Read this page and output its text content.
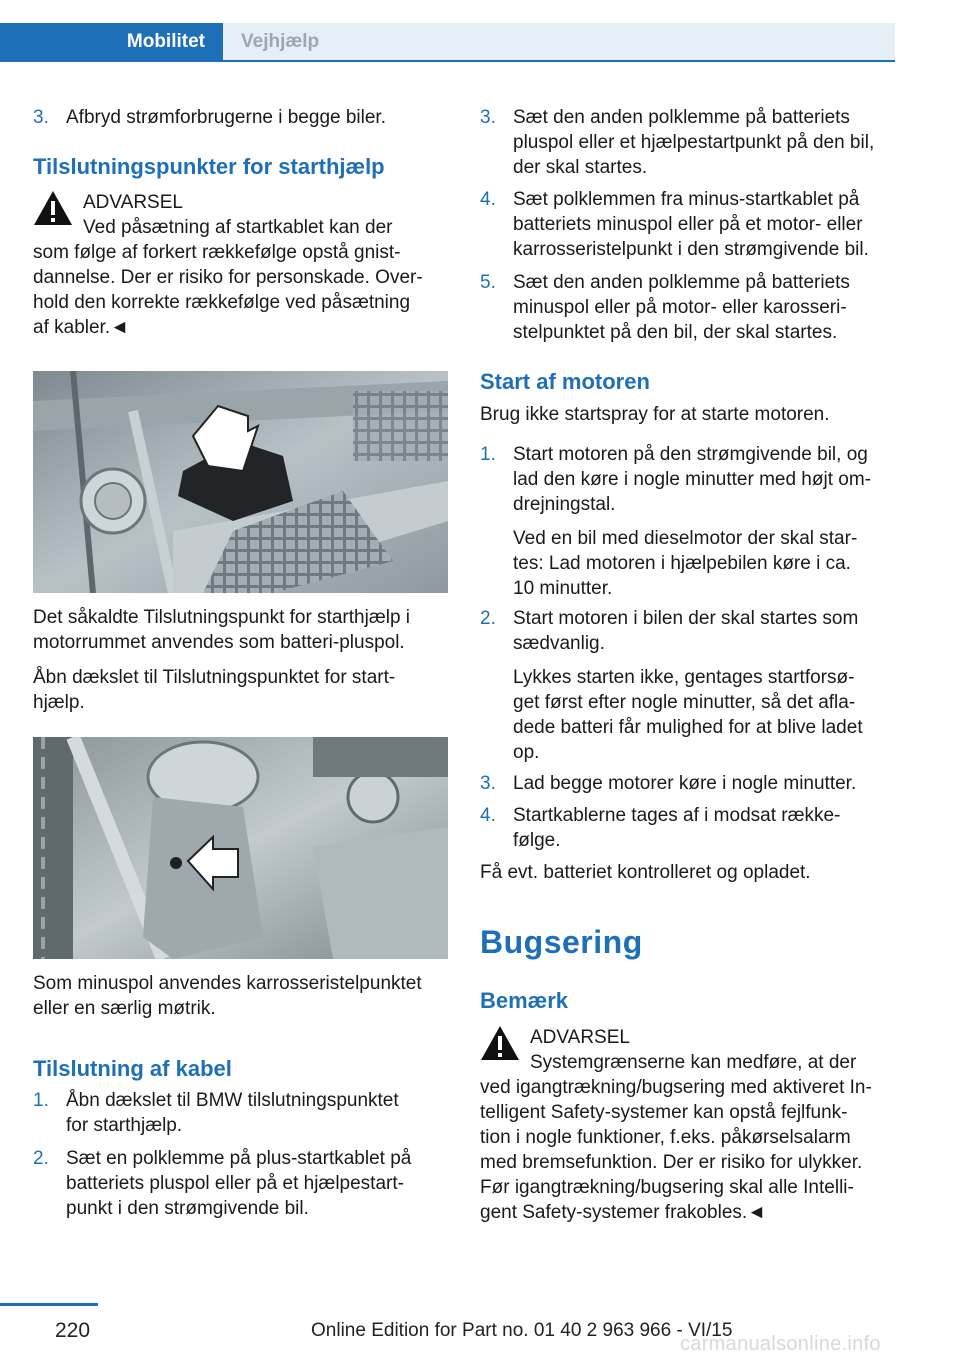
Mobilitet	Vejhjælp
3. Afbryd strømforbrugerne i begge biler.
Tilslutningspunkter for starthjælp
ADVARSEL
Ved påsætning af startkablet kan der
som følge af forkert rækkefølge opstå gnist-
dannelse. Der er risiko for personskade. Over-
hold den korrekte rækkefølge ved påsætning
af kabler.◄
Det såkaldte Tilslutningspunkt for starthjælp i
motorrummet anvendes som batteri-pluspol.
Åbn dækslet til Tilslutningspunktet for start-
hjælp.
Som minuspol anvendes karrosseristelpunktet
eller en særlig møtrik.
Tilslutning af kabel
1. Åbn dækslet til BMW tilslutningspunktet
for starthjælp.
2. Sæt en polklemme på plus-startkablet på
batteriets pluspol eller på et hjælpestart-
punkt i den strømgivende bil.
3. Sæt den anden polklemme på batteriets
pluspol eller et hjælpestartpunkt på den bil,
der skal startes.
4. Sæt polklemmen fra minus-startkablet på
batteriets minuspol eller på et motor- eller
karrosseristelpunkt i den strømgivende bil.
5. Sæt den anden polklemme på batteriets
minuspol eller på motor- eller karosseri-
stelpunktet på den bil, der skal startes.
Start af motoren
Brug ikke startspray for at starte motoren.
1. Start motoren på den strømgivende bil, og
lad den køre i nogle minutter med højt om-
drejningstal.
Ved en bil med dieselmotor der skal star-
tes: Lad motoren i hjælpebilen køre i ca.
10 minutter.
2. Start motoren i bilen der skal startes som
sædvanlig.
Lykkes starten ikke, gentages startforsø-
get først efter nogle minutter, så det afla-
dede batteri får mulighed for at blive ladet
op.
3. Lad begge motorer køre i nogle minutter.
4. Startkablerne tages af i modsat række-
følge.
Få evt. batteriet kontrolleret og opladet.
Bugsering
Bemærk
ADVARSEL
Systemgrænserne kan medføre, at der
ved igangtrækning/bugsering med aktiveret In-
telligent Safety-systemer kan opstå fejlfunk-
tion i nogle funktioner, f.eks. påkørselsalarm
med bremsefunktion. Der er risiko for ulykker.
Før igangtrækning/bugsering skal alle Intelli-
gent Safety-systemer frakobles.◄
220	Online Edition for Part no. 01 40 2 963 966 - VI/15
carmanualsonline.info
